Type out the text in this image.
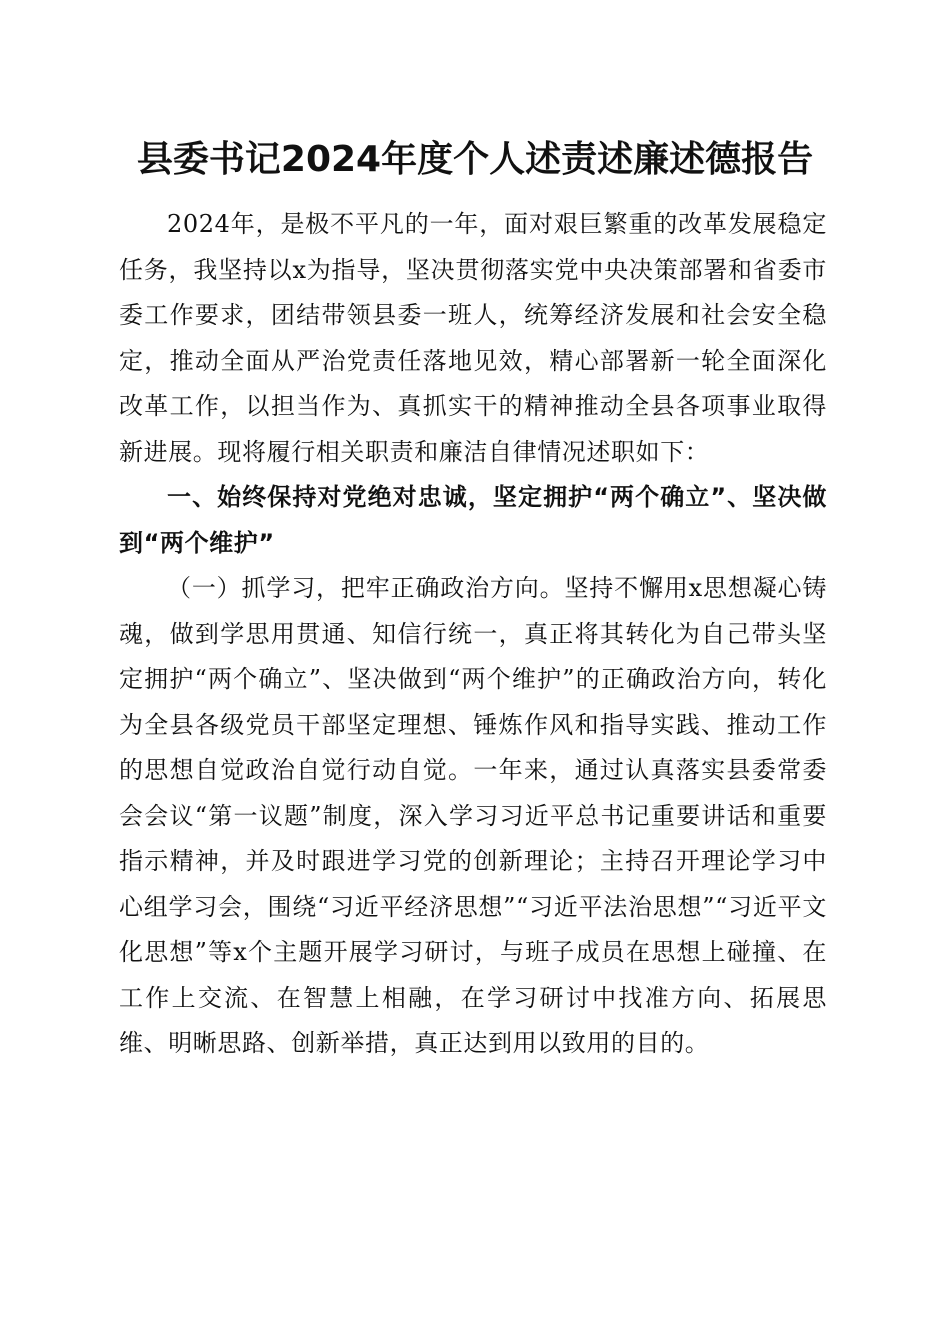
县委书记2024年度个人述责述廉述德报告

2024年，是极不平凡的一年，面对艰巨繁重的改革发展稳定任务，我坚持以x为指导，坚决贯彻落实党中央决策部署和省委市委工作要求，团结带领县委一班人，统筹经济发展和社会安全稳定，推动全面从严治党责任落地见效，精心部署新一轮全面深化改革工作，以担当作为、真抓实干的精神推动全县各项事业取得新进展。现将履行相关职责和廉洁自律情况述职如下：

一、始终保持对党绝对忠诚，坚定拥护“两个确立”、坚决做到“两个维护”

（一）抓学习，把牢正确政治方向。坚持不懈用x思想凝心铸魂，做到学思用贯通、知信行统一，真正将其转化为自己带头坚定拥护“两个确立”、坚决做到“两个维护”的正确政治方向，转化为全县各级党员干部坚定理想、锤炼作风和指导实践、推动工作的思想自觉政治自觉行动自觉。一年来，通过认真落实县委常委会会议“第一议题”制度，深入学习习近平总书记重要讲话和重要指示精神，并及时跟进学习党的创新理论；主持召开理论学习中心组学习会，围绕“习近平经济思想”“习近平法治思想”“习近平文化思想”等x个主题开展学习研讨，与班子成员在思想上碰撞、在工作上交流、在智慧上相融，在学习研讨中找准方向、拓展思维、明晰思路、创新举措，真正达到用以致用的目的。
